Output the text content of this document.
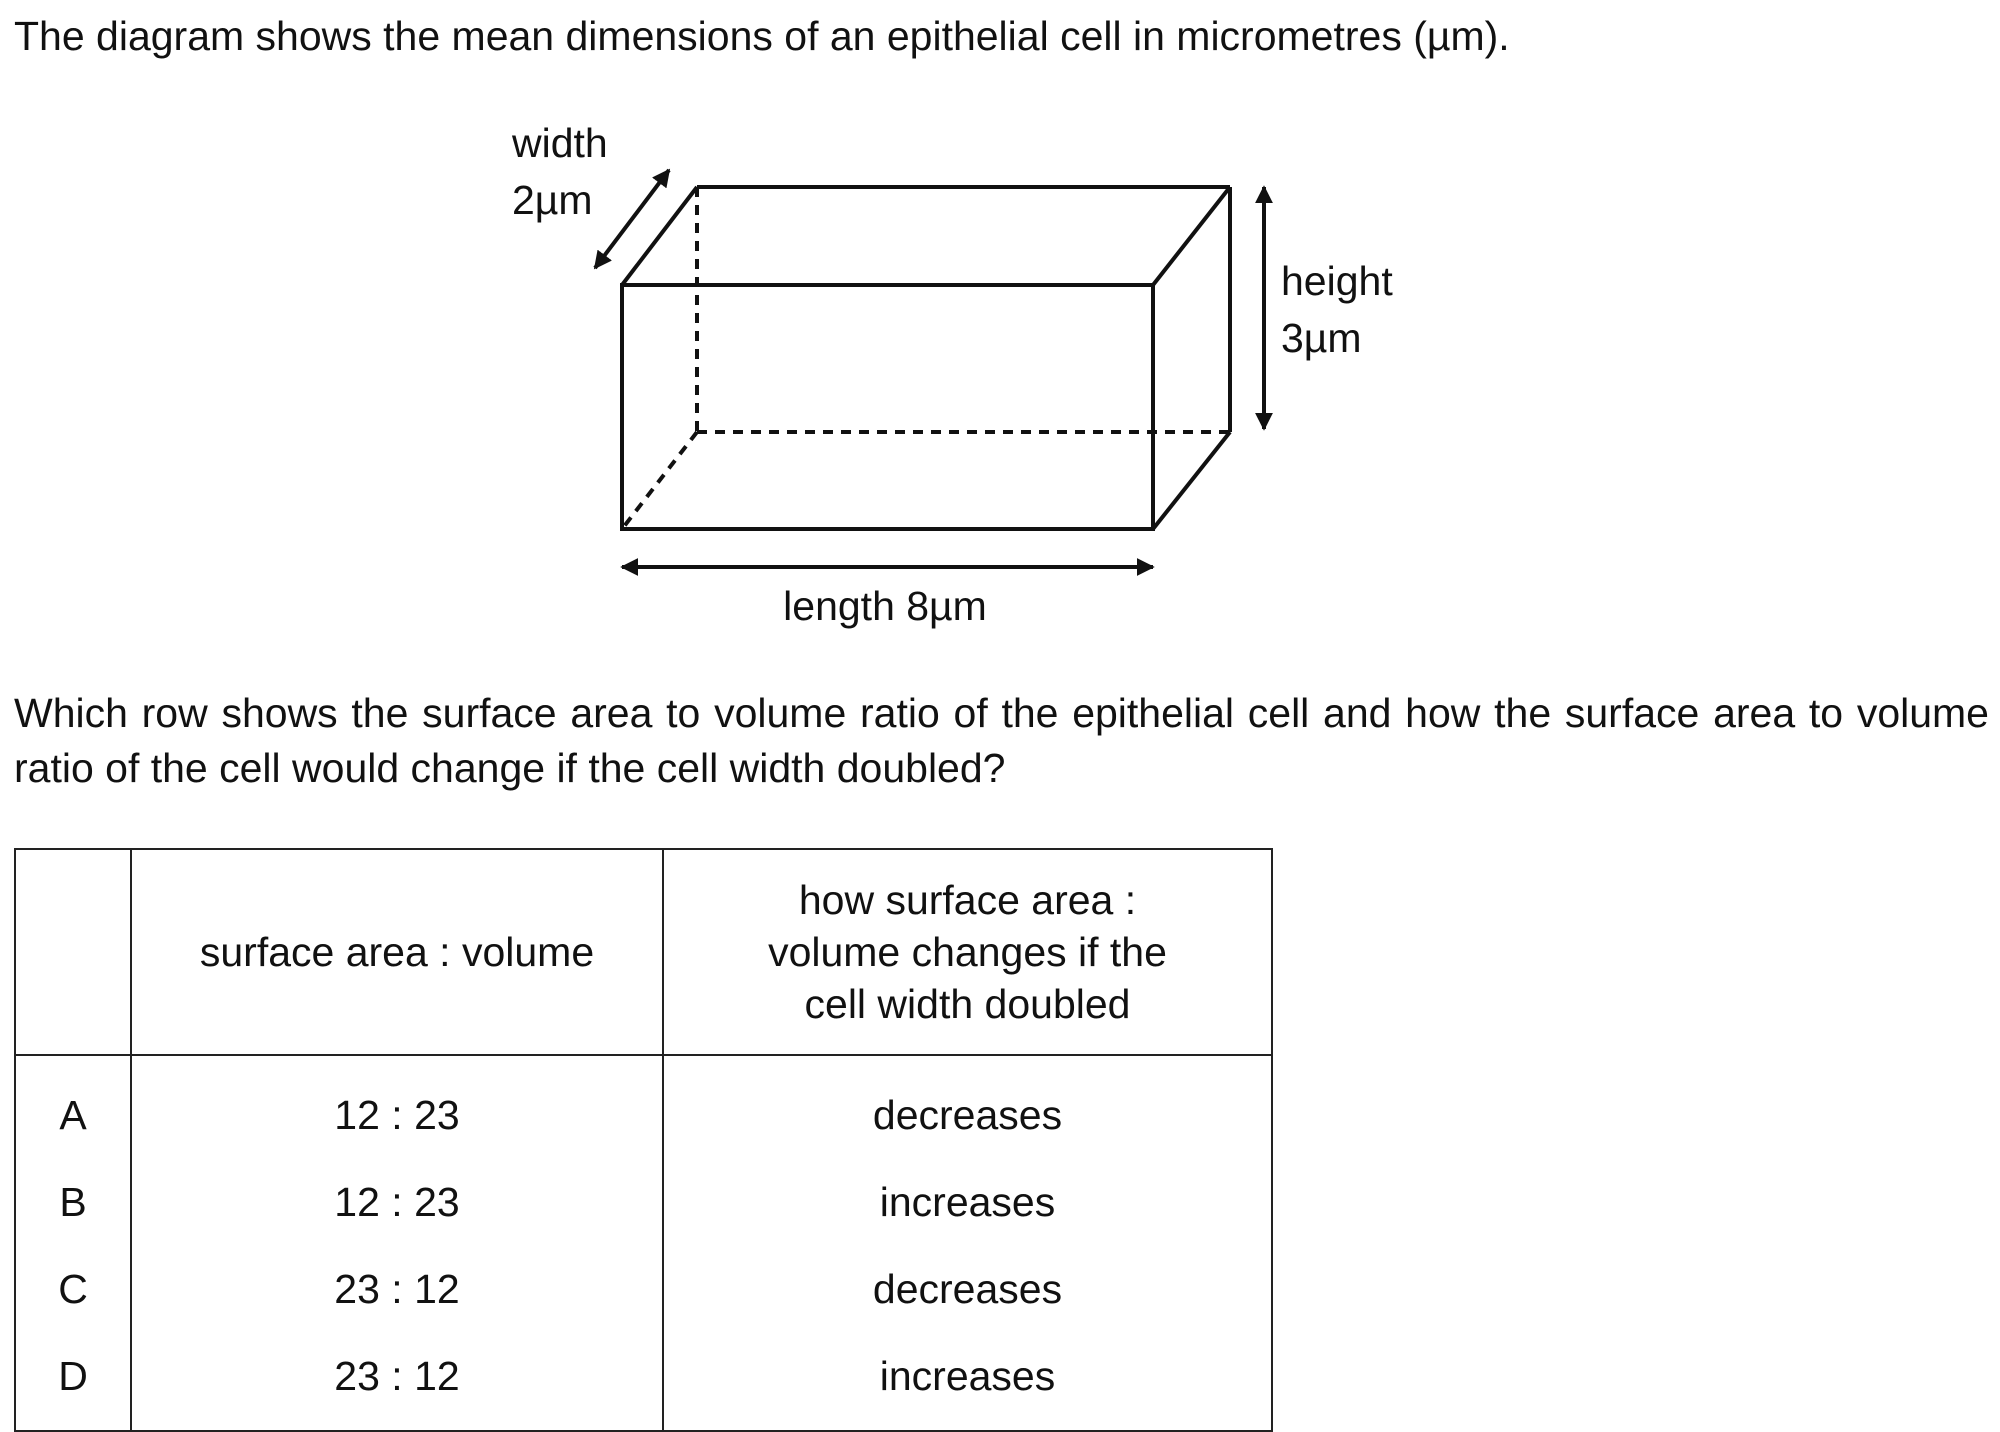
The diagram shows the mean dimensions of an epithelial cell in micrometres (µm).

width
2µm
height
3µm
length 8µm

Which row shows the surface area to volume ratio of the epithelial cell and how the surface area to volume ratio of the cell would change if the cell width doubled?

	surface area : volume	how surface area : volume changes if the cell width doubled

A	12 : 23	decreases
B	12 : 23	increases
C	23 : 12	decreases
D	23 : 12	increases
